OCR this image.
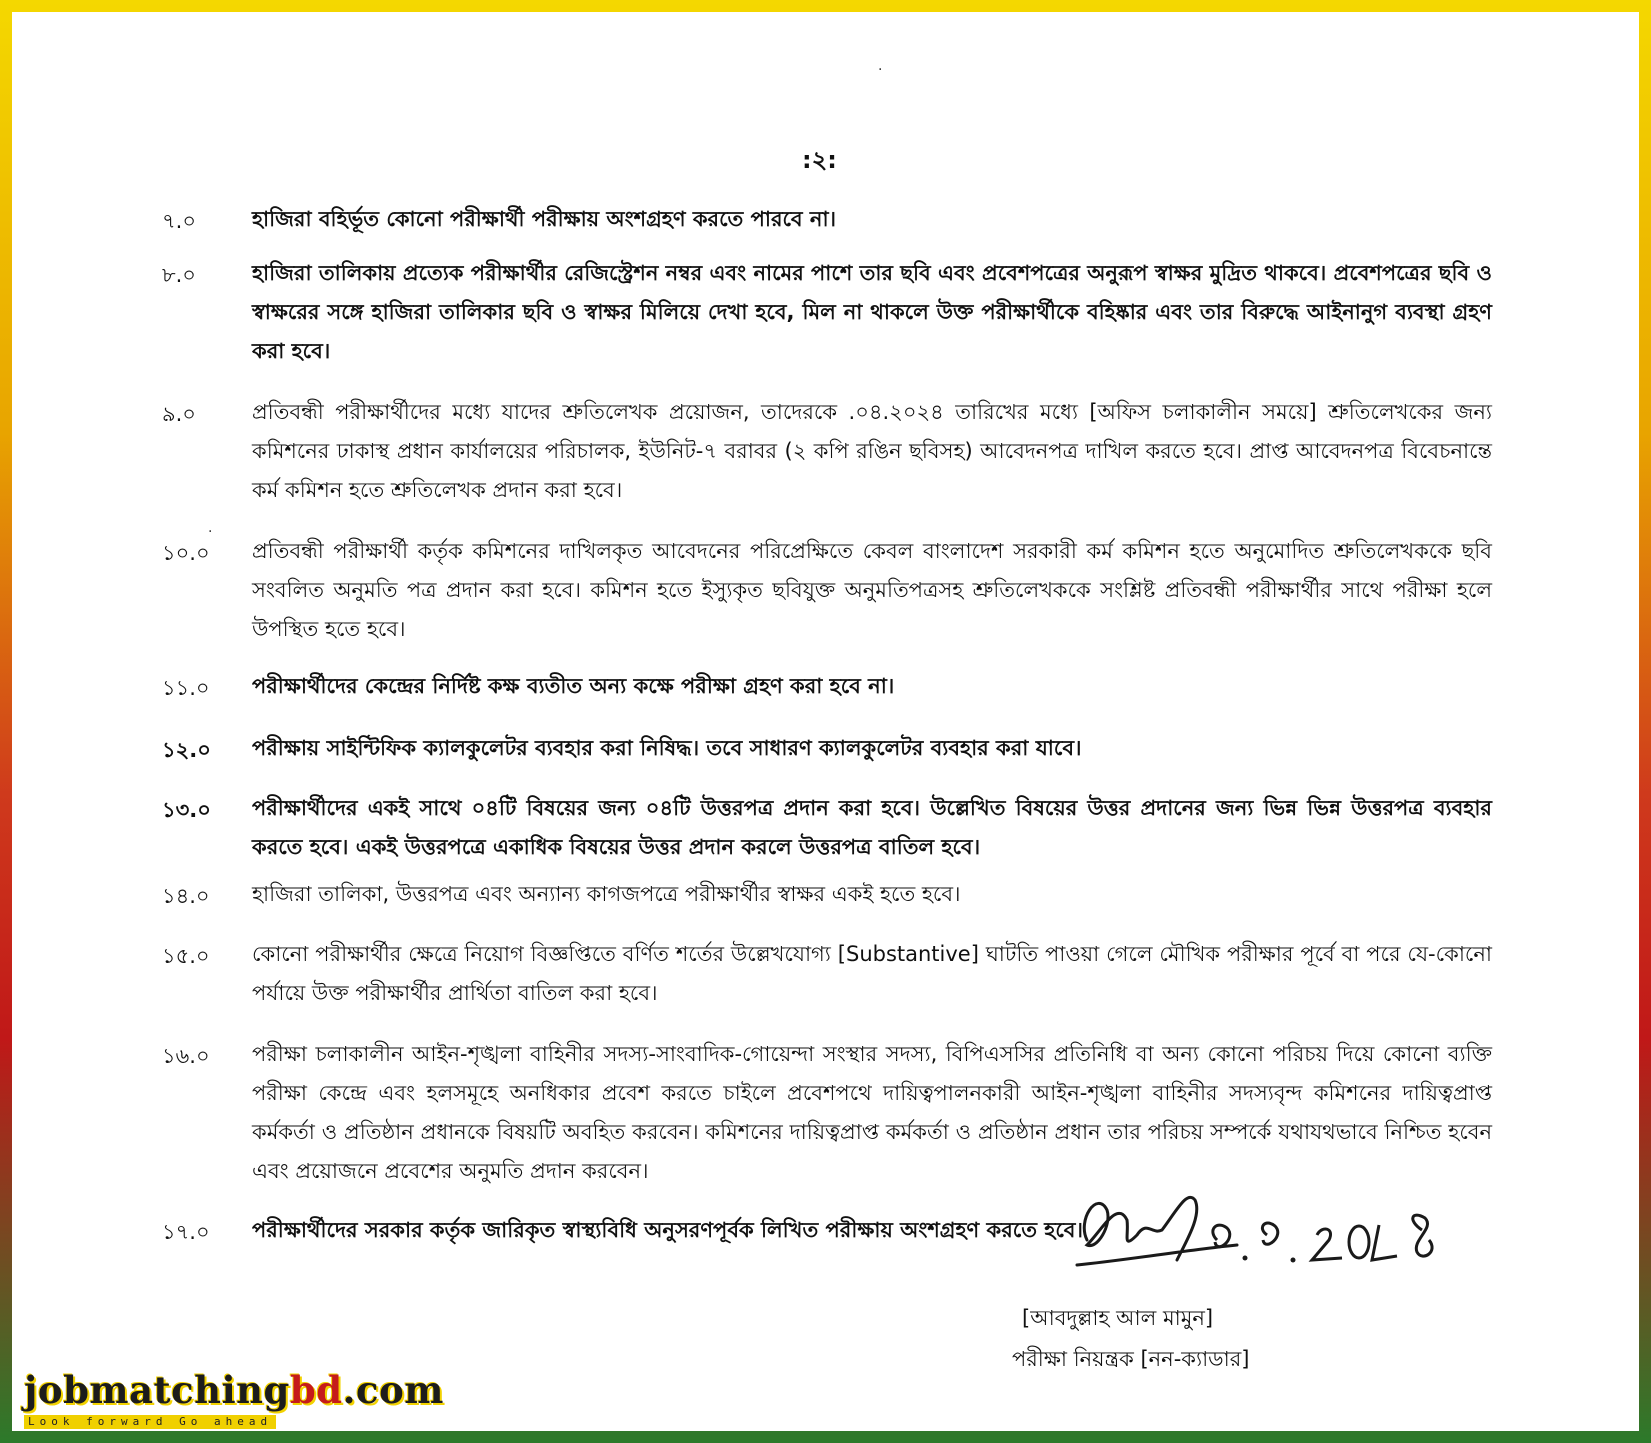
·
·
:২:
৭.০	হাজিরা বহির্ভূত কোনো পরীক্ষার্থী পরীক্ষায় অংশগ্রহণ করতে পারবে না।
৮.০	হাজিরা তালিকায় প্রত্যেক পরীক্ষার্থীর রেজিস্ট্রেশন নম্বর এবং নামের পাশে তার ছবি এবং প্রবেশপত্রের অনুরূপ স্বাক্ষর মুদ্রিত থাকবে। প্রবেশপত্রের ছবি ও স্বাক্ষরের সঙ্গে হাজিরা তালিকার ছবি ও স্বাক্ষর মিলিয়ে দেখা হবে, মিল না থাকলে উক্ত পরীক্ষার্থীকে বহিষ্কার এবং তার বিরুদ্ধে আইনানুগ ব্যবস্থা গ্রহণ করা হবে।
৯.০	প্রতিবন্ধী পরীক্ষার্থীদের মধ্যে যাদের শ্রুতিলেখক প্রয়োজন, তাদেরকে .০৪.২০২৪ তারিখের মধ্যে [অফিস চলাকালীন সময়ে] শ্রুতিলেখকের জন্য কমিশনের ঢাকাস্থ প্রধান কার্যালয়ের পরিচালক, ইউনিট-৭ বরাবর (২ কপি রঙিন ছবিসহ) আবেদনপত্র দাখিল করতে হবে। প্রাপ্ত আবেদনপত্র বিবেচনান্তে কর্ম কমিশন হতে শ্রুতিলেখক প্রদান করা হবে।
১০.০	প্রতিবন্ধী পরীক্ষার্থী কর্তৃক কমিশনের দাখিলকৃত আবেদনের পরিপ্রেক্ষিতে কেবল বাংলাদেশ সরকারী কর্ম কমিশন হতে অনুমোদিত শ্রুতিলেখককে ছবি সংবলিত অনুমতি পত্র প্রদান করা হবে। কমিশন হতে ইস্যুকৃত ছবিযুক্ত অনুমতিপত্রসহ শ্রুতিলেখককে সংশ্লিষ্ট প্রতিবন্ধী পরীক্ষার্থীর সাথে পরীক্ষা হলে উপস্থিত হতে হবে।
১১.০	পরীক্ষার্থীদের কেন্দ্রের নির্দিষ্ট কক্ষ ব্যতীত অন্য কক্ষে পরীক্ষা গ্রহণ করা হবে না।
১২.০	পরীক্ষায় সাইন্টিফিক ক্যালকুলেটর ব্যবহার করা নিষিদ্ধ। তবে সাধারণ ক্যালকুলেটর ব্যবহার করা যাবে।
১৩.০	পরীক্ষার্থীদের একই সাথে ০৪টি বিষয়ের জন্য ০৪টি উত্তরপত্র প্রদান করা হবে। উল্লেখিত বিষয়ের উত্তর প্রদানের জন্য ভিন্ন ভিন্ন উত্তরপত্র ব্যবহার করতে হবে। একই উত্তরপত্রে একাধিক বিষয়ের উত্তর প্রদান করলে উত্তরপত্র বাতিল হবে।
১৪.০	হাজিরা তালিকা, উত্তরপত্র এবং অন্যান্য কাগজপত্রে পরীক্ষার্থীর স্বাক্ষর একই হতে হবে।
১৫.০	কোনো পরীক্ষার্থীর ক্ষেত্রে নিয়োগ বিজ্ঞপ্তিতে বর্ণিত শর্তের উল্লেখযোগ্য [Substantive] ঘাটতি পাওয়া গেলে মৌখিক পরীক্ষার পূর্বে বা পরে যে-কোনো পর্যায়ে উক্ত পরীক্ষার্থীর প্রার্থিতা বাতিল করা হবে।
১৬.০	পরীক্ষা চলাকালীন আইন-শৃঙ্খলা বাহিনীর সদস্য-সাংবাদিক-গোয়েন্দা সংস্থার সদস্য, বিপিএসসির প্রতিনিধি বা অন্য কোনো পরিচয় দিয়ে কোনো ব্যক্তি পরীক্ষা কেন্দ্রে এবং হলসমূহে অনধিকার প্রবেশ করতে চাইলে প্রবেশপথে দায়িত্বপালনকারী আইন-শৃঙ্খলা বাহিনীর সদস্যবৃন্দ কমিশনের দায়িত্বপ্রাপ্ত কর্মকর্তা ও প্রতিষ্ঠান প্রধানকে বিষয়টি অবহিত করবেন। কমিশনের দায়িত্বপ্রাপ্ত কর্মকর্তা ও প্রতিষ্ঠান প্রধান তার পরিচয় সম্পর্কে যথাযথভাবে নিশ্চিত হবেন এবং প্রয়োজনে প্রবেশের অনুমতি প্রদান করবেন।
১৭.০	পরীক্ষার্থীদের সরকার কর্তৃক জারিকৃত স্বাস্থ্যবিধি অনুসরণপূর্বক লিখিত পরীক্ষায় অংশগ্রহণ করতে হবে।
[আবদুল্লাহ আল মামুন]
পরীক্ষা নিয়ন্ত্রক [নন-ক্যাডার]
jobmatchingbd.com
Look forward Go ahead
